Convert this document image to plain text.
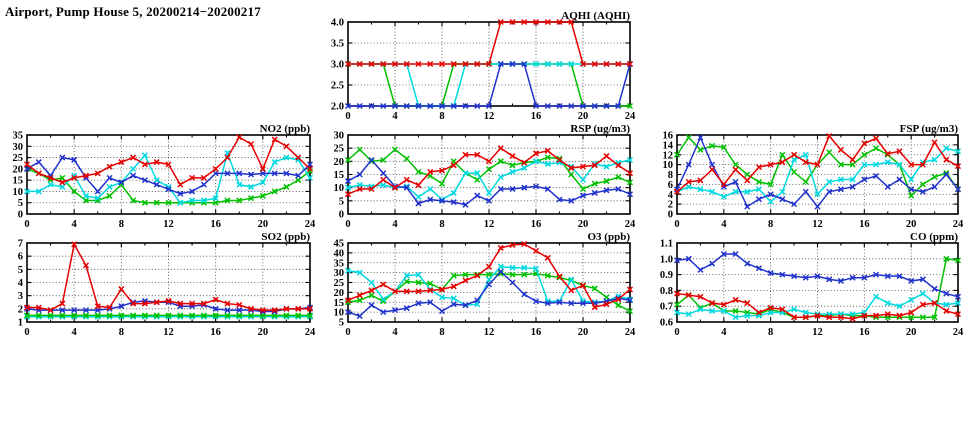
Airport, Pump House 5, 20200214−20200217
2.0
2.5
3.0
3.5
4.0
0	4	8	12	16	20	24
AQHI (AQHI)
0
5
10
15
20
25
30
35
0	4	8	12	16	20	24
NO2 (ppb)
0
5
10
15
20
25
30
0	4	8	12	16	20	24
RSP (ug/m3)
0
2
4
6
8
10
12
14
16
0	4	8	12	16	20	24
FSP (ug/m3)
1
2
3
4
5
6
7
0	4	8	12	16	20	24
SO2 (ppb)
5
10
15
20
25
30
35
40
45
0	4	8	12	16	20	24
O3 (ppb)
0.6
0.7
0.8
0.9
1.0
1.1
0	4	8	12	16	20	24
CO (ppm)
